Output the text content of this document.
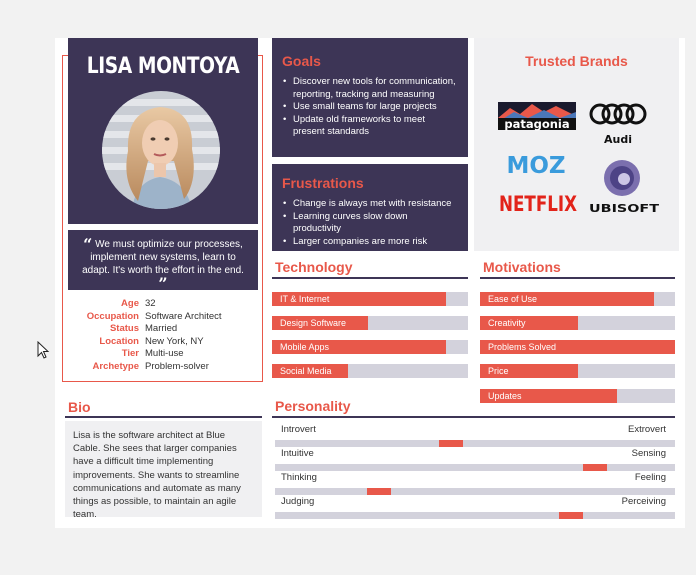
LISA MONTOYA
“ We must optimize our processes, implement new systems, learn to adapt. It's worth the effort in the end. ”
Age 32
Occupation Software Architect
Status Married
Location New York, NY
Tier Multi-use
Archetype Problem-solver
Bio
Lisa is the software architect at Blue Cable. She sees that larger companies have a difficult time implementing improvements. She wants to streamline communications and automate as many things as possible, to maintain an agile team.
Goals
• Discover new tools for communication, reporting, tracking and measuring
• Use small teams for large projects
• Update old frameworks to meet present standards
Frustrations
• Change is always met with resistance
• Learning curves slow down productivity
• Larger companies are more risk averse
Trusted Brands
patagonia
Audi
MOZ
NETFLIX UBISOFT
Technology
IT & Internet
Design Software
Mobile Apps
Social Media
Motivations
Ease of Use
Creativity
Problems Solved
Price
Updates
Personality
Introvert	Extrovert
Intuitive	Sensing
Thinking	Feeling
Judging	Perceiving
